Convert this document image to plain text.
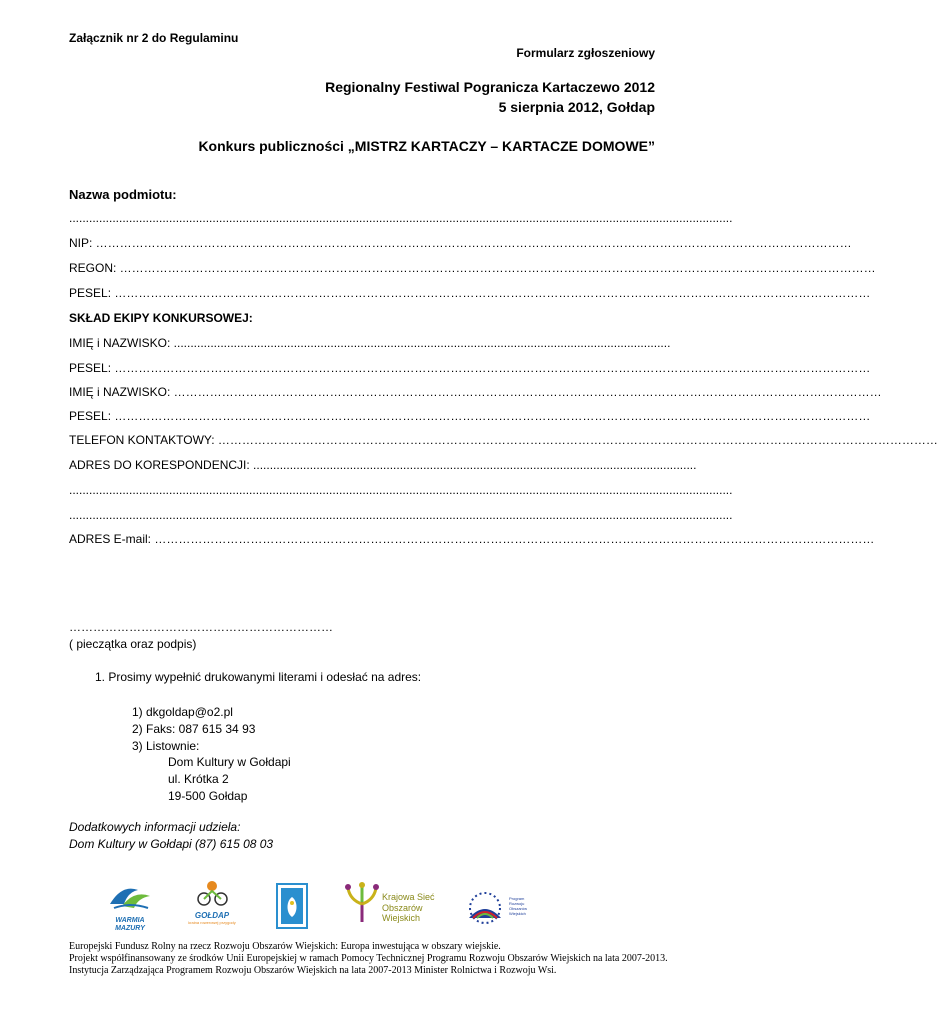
Załącznik nr 2 do Regulaminu
Formularz zgłoszeniowy
Regionalny Festiwal Pogranicza Kartaczewo 2012
5 sierpnia 2012, Gołdap
Konkurs publiczności „MISTRZ KARTACZY – KARTACZE DOMOWE”
Nazwa podmiotu:
.......................................................................................................................................................................................................
NIP: ………………………………………………………………………………………………………………………………………………………………………
REGON: ………………………………………………………………………………………………………………………………………………………………………
PESEL: ………………………………………………………………………………………………………………………………………………………………………
SKŁAD EKIPY KONKURSOWEJ:
IMIĘ i NAZWISKO: .....................................................................................................................................................
PESEL: ………………………………………………………………………………………………………………………………………………………………………
IMIĘ i NAZWISKO: ……………………………………………………………………………………………………………………………………………………………
PESEL: ………………………………………………………………………………………………………………………………………………………………………
TELEFON KONTAKTOWY: ………………………………………………………………………………………………………………………………………………………………
ADRES DO KORESPONDENCJI: .....................................................................................................................................
.......................................................................................................................................................................................................
.......................................................................................................................................................................................................
ADRES E-mail: ………………………………………………………………………………………………………………………………………………………………
…………………………………………………………
( pieczątka oraz podpis)
1. Prosimy wypełnić drukowanymi literami i odesłać na adres:
1) dkgoldap@o2.pl
2) Faks: 087 615 34 93
3) Listownie:
Dom Kultury w Gołdapi
ul. Krótka 2
19-500 Gołdap
Dodatkowych informacji udziela:
Dom Kultury w Gołdapi (87) 615 08 03
WARMIA MAZURY
GOŁDAP
kraina rowerowej przygody
Krajowa Sieć
Obszarów Wiejskich
Program Rozwoju Obszarów Wiejskich
Europejski Fundusz Rolny na rzecz Rozwoju Obszarów Wiejskich: Europa inwestująca w obszary wiejskie.
Projekt współfinansowany ze środków Unii Europejskiej w ramach Pomocy Technicznej Programu Rozwoju Obszarów Wiejskich na lata 2007-2013.
Instytucja Zarządzająca Programem Rozwoju Obszarów Wiejskich na lata 2007-2013 Minister Rolnictwa i Rozwoju Wsi.
